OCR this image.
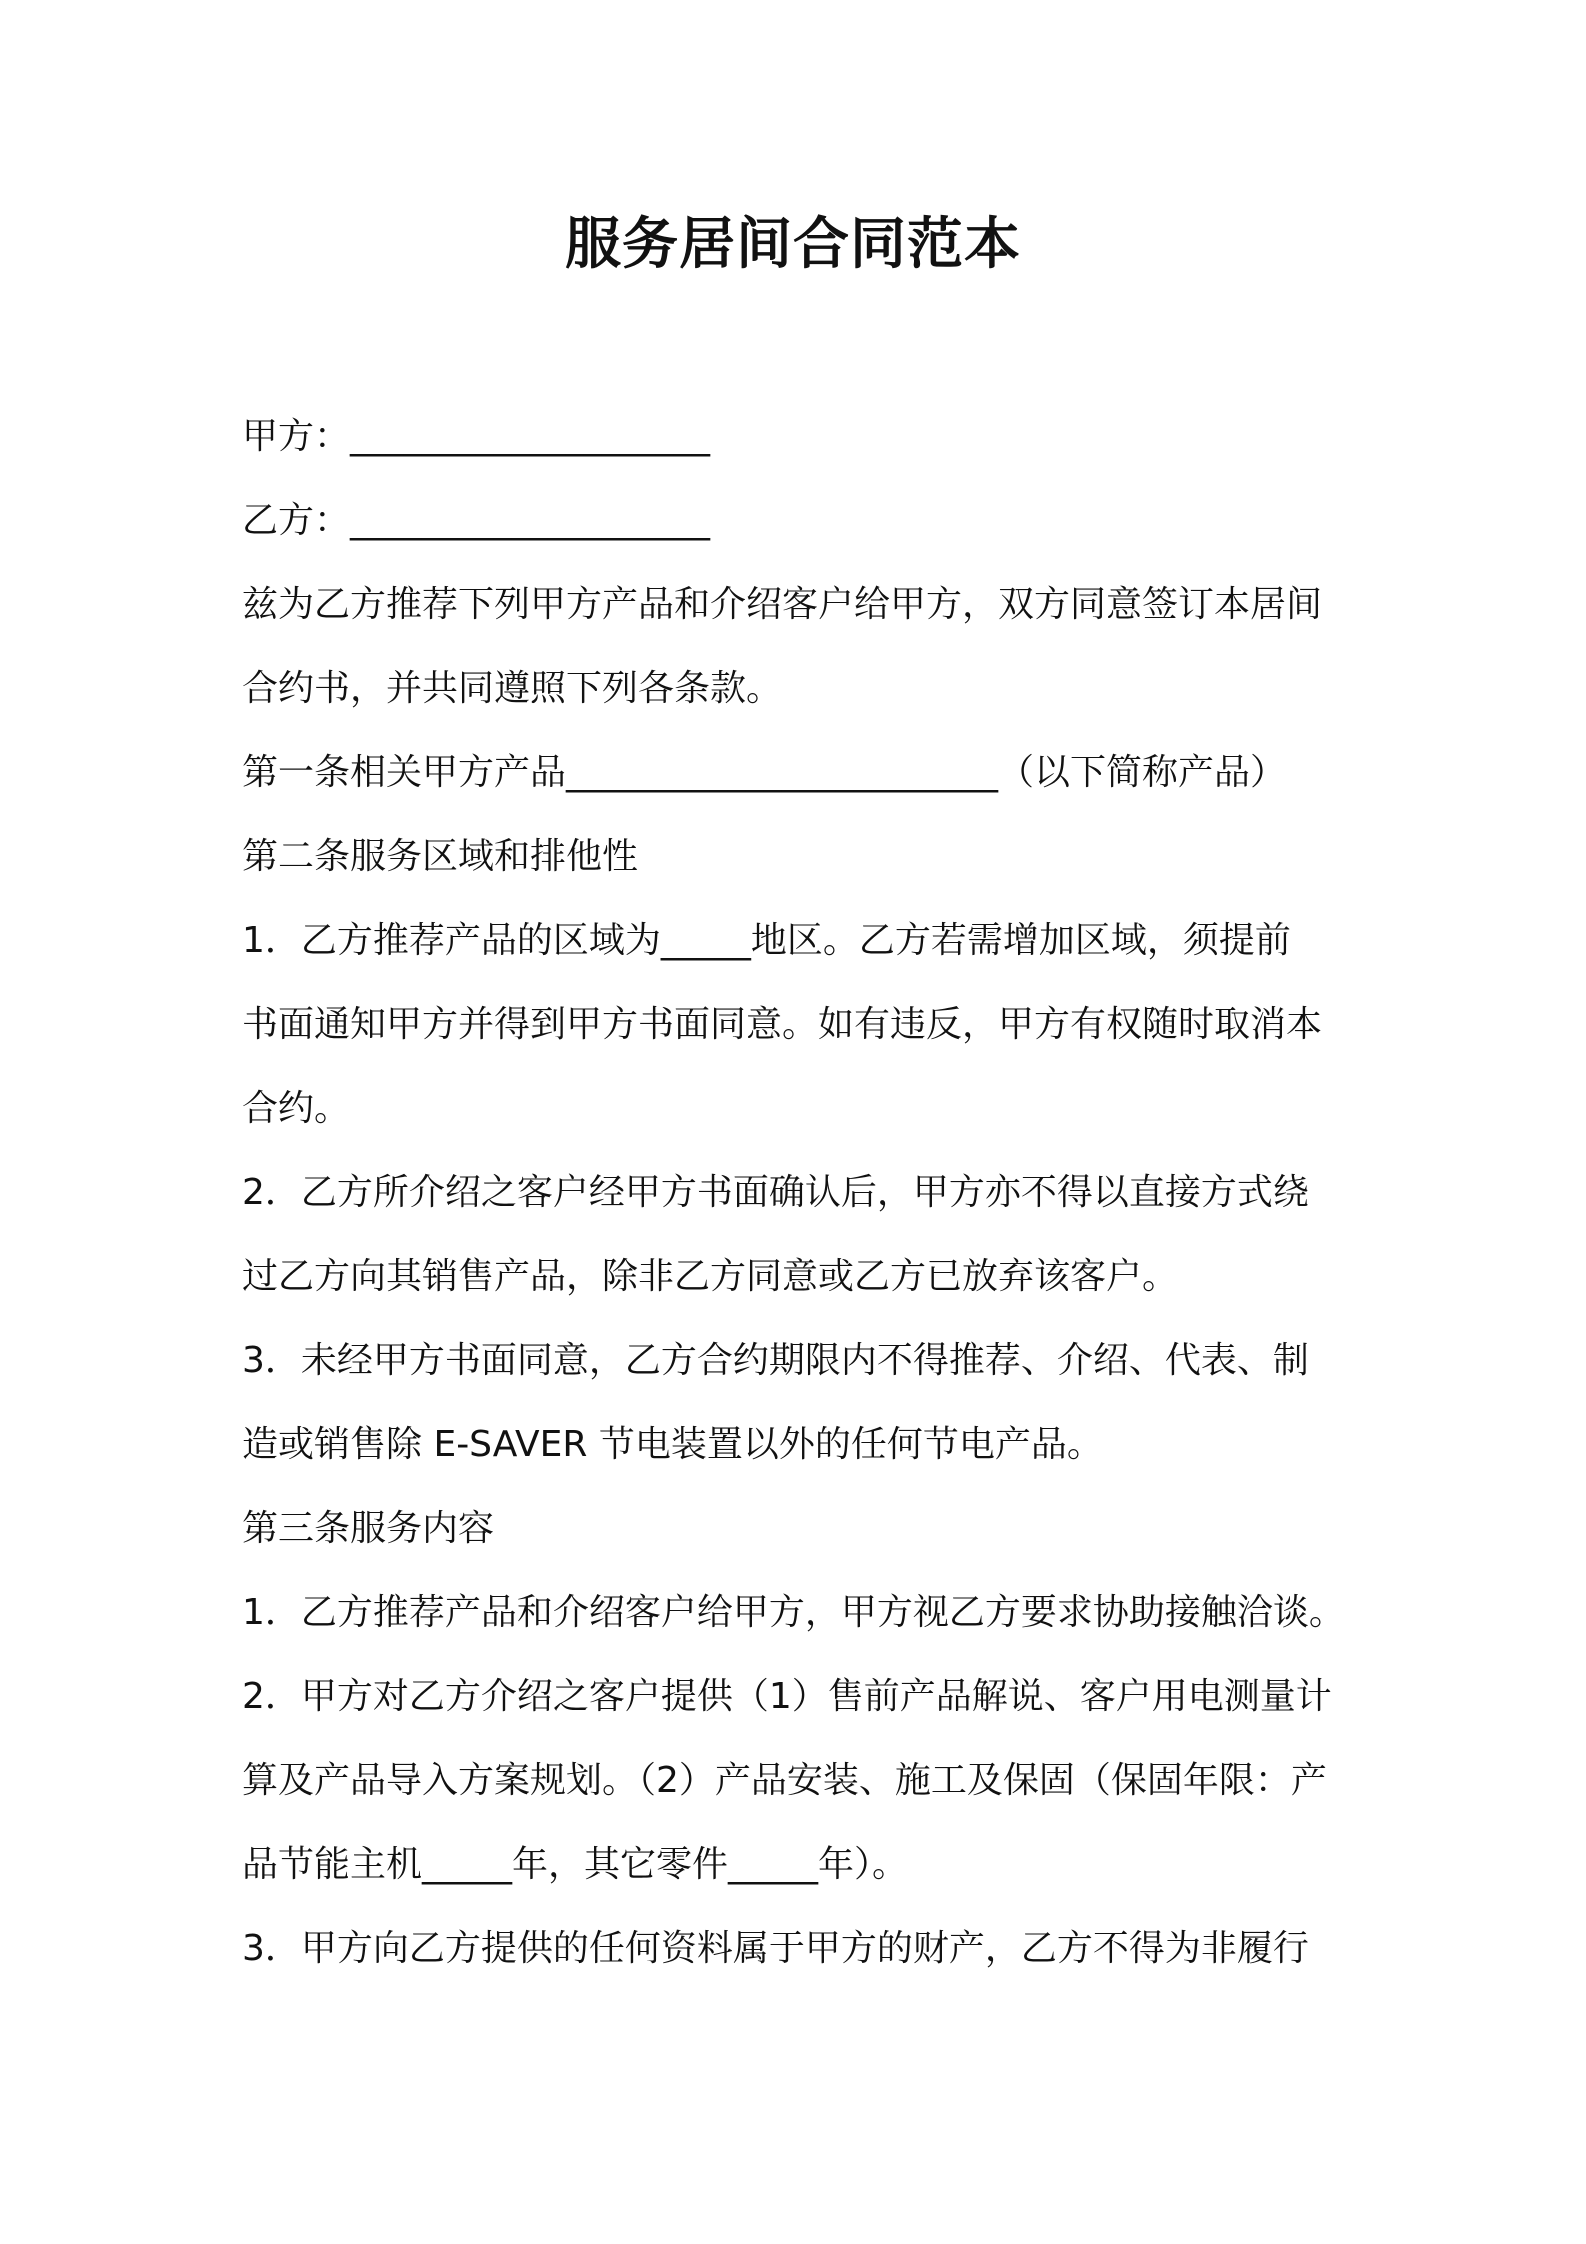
服务居间合同范本
甲方：____________________
乙方：____________________
兹为乙方推荐下列甲方产品和介绍客户给甲方，双方同意签订本居间
合约书，并共同遵照下列各条款。
第一条相关甲方产品________________________（以下简称产品）
第二条服务区域和排他性
1．乙方推荐产品的区域为_____地区。乙方若需增加区域，须提前
书面通知甲方并得到甲方书面同意。如有违反，甲方有权随时取消本
合约。
2．乙方所介绍之客户经甲方书面确认后，甲方亦不得以直接方式绕
过乙方向其销售产品，除非乙方同意或乙方已放弃该客户。
3．未经甲方书面同意，乙方合约期限内不得推荐、介绍、代表、制
造或销售除 E-SAVER 节电装置以外的任何节电产品。
第三条服务内容
1．乙方推荐产品和介绍客户给甲方，甲方视乙方要求协助接触洽谈。
2．甲方对乙方介绍之客户提供（1）售前产品解说、客户用电测量计
算及产品导入方案规划。（2）产品安装、施工及保固（保固年限：产
品节能主机_____年，其它零件_____年）。
3．甲方向乙方提供的任何资料属于甲方的财产，乙方不得为非履行
